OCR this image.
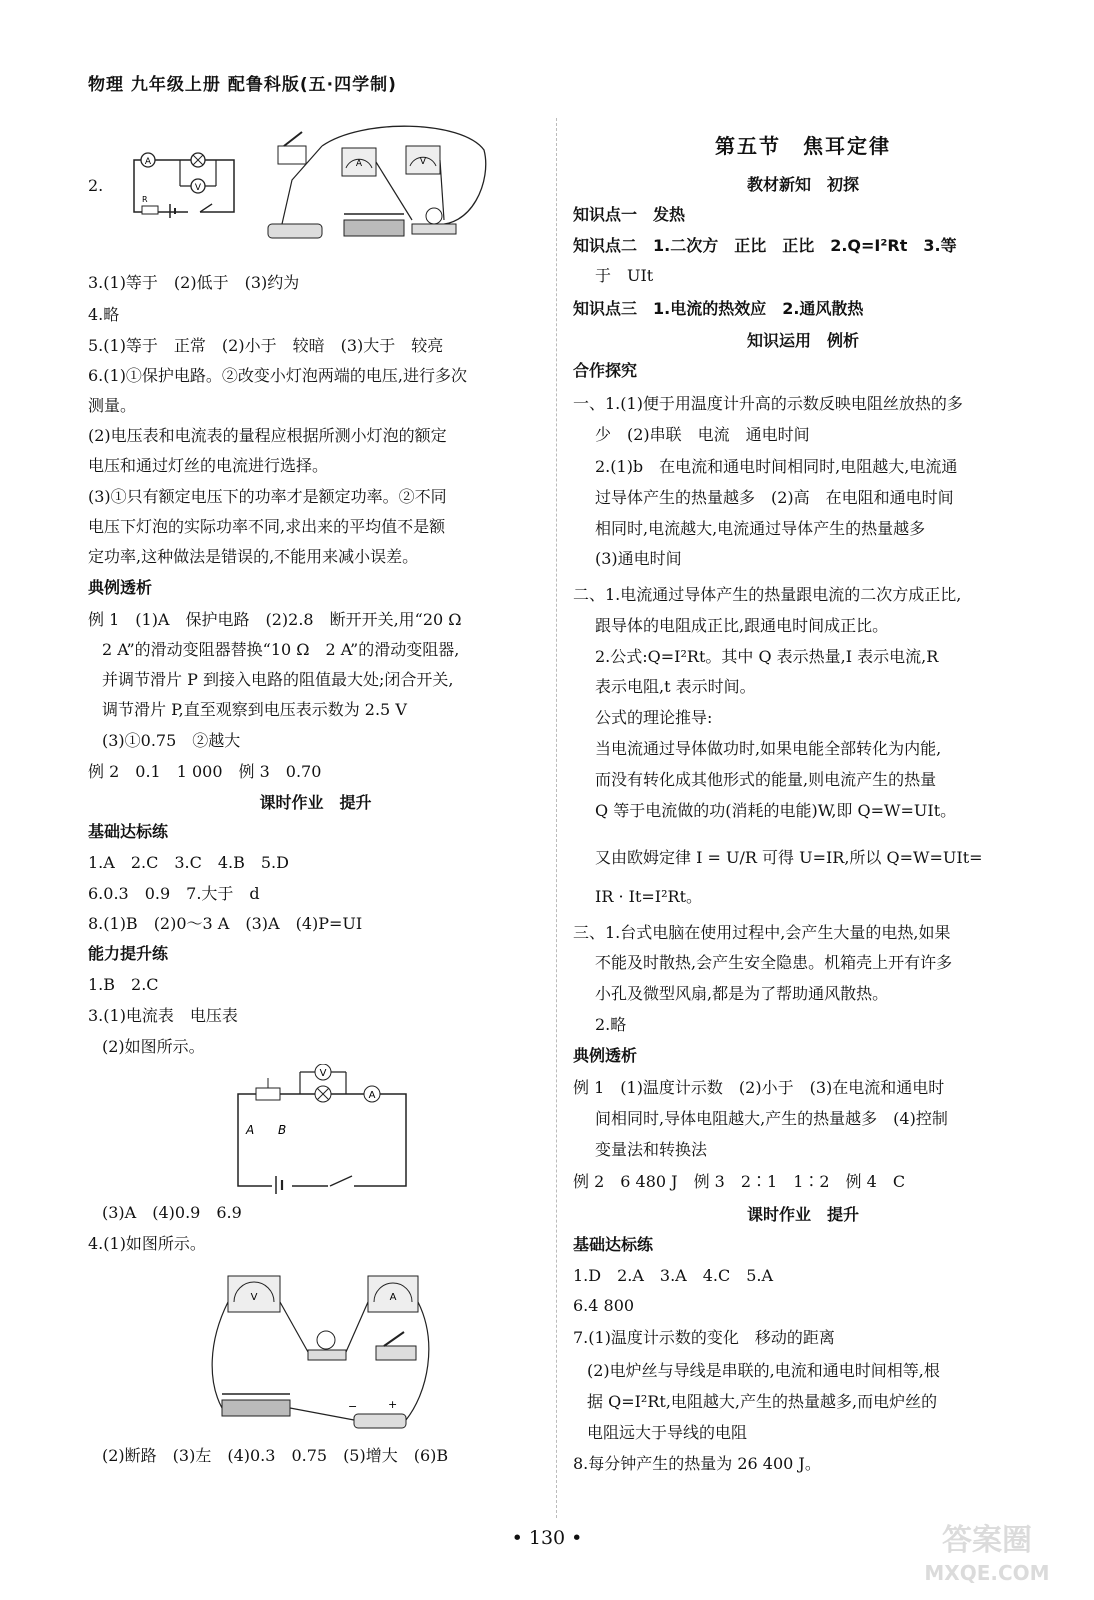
物理 九年级上册 配鲁科版(五·四学制)
第五节　焦耳定律
2.
3.(1)等于　(2)低于　(3)约为
4.略
5.(1)等于　正常　(2)小于　较暗　(3)大于　较亮
6.(1)①保护电路。②改变小灯泡两端的电压,进行多次
测量。
(2)电压表和电流表的量程应根据所测小灯泡的额定
电压和通过灯丝的电流进行选择。
(3)①只有额定电压下的功率才是额定功率。②不同
电压下灯泡的实际功率不同,求出来的平均值不是额
定功率,这种做法是错误的,不能用来减小误差。
典例透析
例 1　(1)A　保护电路　(2)2.8　断开开关,用“20 Ω
2 A”的滑动变阻器替换“10 Ω　2 A”的滑动变阻器,
并调节滑片 P 到接入电路的阻值最大处;闭合开关,
调节滑片 P,直至观察到电压表示数为 2.5 V
(3)①0.75　②越大
例 2　0.1　1 000　例 3　0.70
课时作业　提升
基础达标练
1.A　2.C　3.C　4.B　5.D
6.0.3　0.9　7.大于　d
8.(1)B　(2)0～3 A　(3)A　(4)P=UI
能力提升练
1.B　2.C
3.(1)电流表　电压表
(2)如图所示。
(3)A　(4)0.9　6.9
4.(1)如图所示。
(2)断路　(3)左　(4)0.3　0.75　(5)增大　(6)B
教材新知　初探
知识点一　发热
知识点二　1.二次方　正比　正比　2.Q=I²Rt　3.等
于　UIt
知识点三　1.电流的热效应　2.通风散热
知识运用　例析
合作探究
一、1.(1)便于用温度计升高的示数反映电阻丝放热的多
少　(2)串联　电流　通电时间
2.(1)b　在电流和通电时间相同时,电阻越大,电流通
过导体产生的热量越多　(2)高　在电阻和通电时间
相同时,电流越大,电流通过导体产生的热量越多
(3)通电时间
二、1.电流通过导体产生的热量跟电流的二次方成正比,
跟导体的电阻成正比,跟通电时间成正比。
2.公式:Q=I²Rt。其中 Q 表示热量,I 表示电流,R
表示电阻,t 表示时间。
公式的理论推导:
当电流通过导体做功时,如果电能全部转化为内能,
而没有转化成其他形式的能量,则电流产生的热量
Q 等于电流做的功(消耗的电能)W,即 Q=W=UIt。
又由欧姆定律 I = U/R 可得 U=IR,所以 Q=W=UIt=
IR · It=I²Rt。
三、1.台式电脑在使用过程中,会产生大量的电热,如果
不能及时散热,会产生安全隐患。机箱壳上开有许多
小孔及微型风扇,都是为了帮助通风散热。
2.略
典例透析
例 1　(1)温度计示数　(2)小于　(3)在电流和通电时
间相同时,导体电阻越大,产生的热量越多　(4)控制
变量法和转换法
例 2　6 480 J　例 3　2∶1　1∶2　例 4　C
课时作业　提升
基础达标练
1.D　2.A　3.A　4.C　5.A
6.4 800
7.(1)温度计示数的变化　移动的距离
(2)电炉丝与导线是串联的,电流和通电时间相等,根
据 Q=I²Rt,电阻越大,产生的热量越多,而电炉丝的
电阻远大于导线的电阻
8.每分钟产生的热量为 26 400 J。
A
V
R
A	V
A B
V
A
V	A
−	+
• 130 •	答案圈
MXQE.COM
